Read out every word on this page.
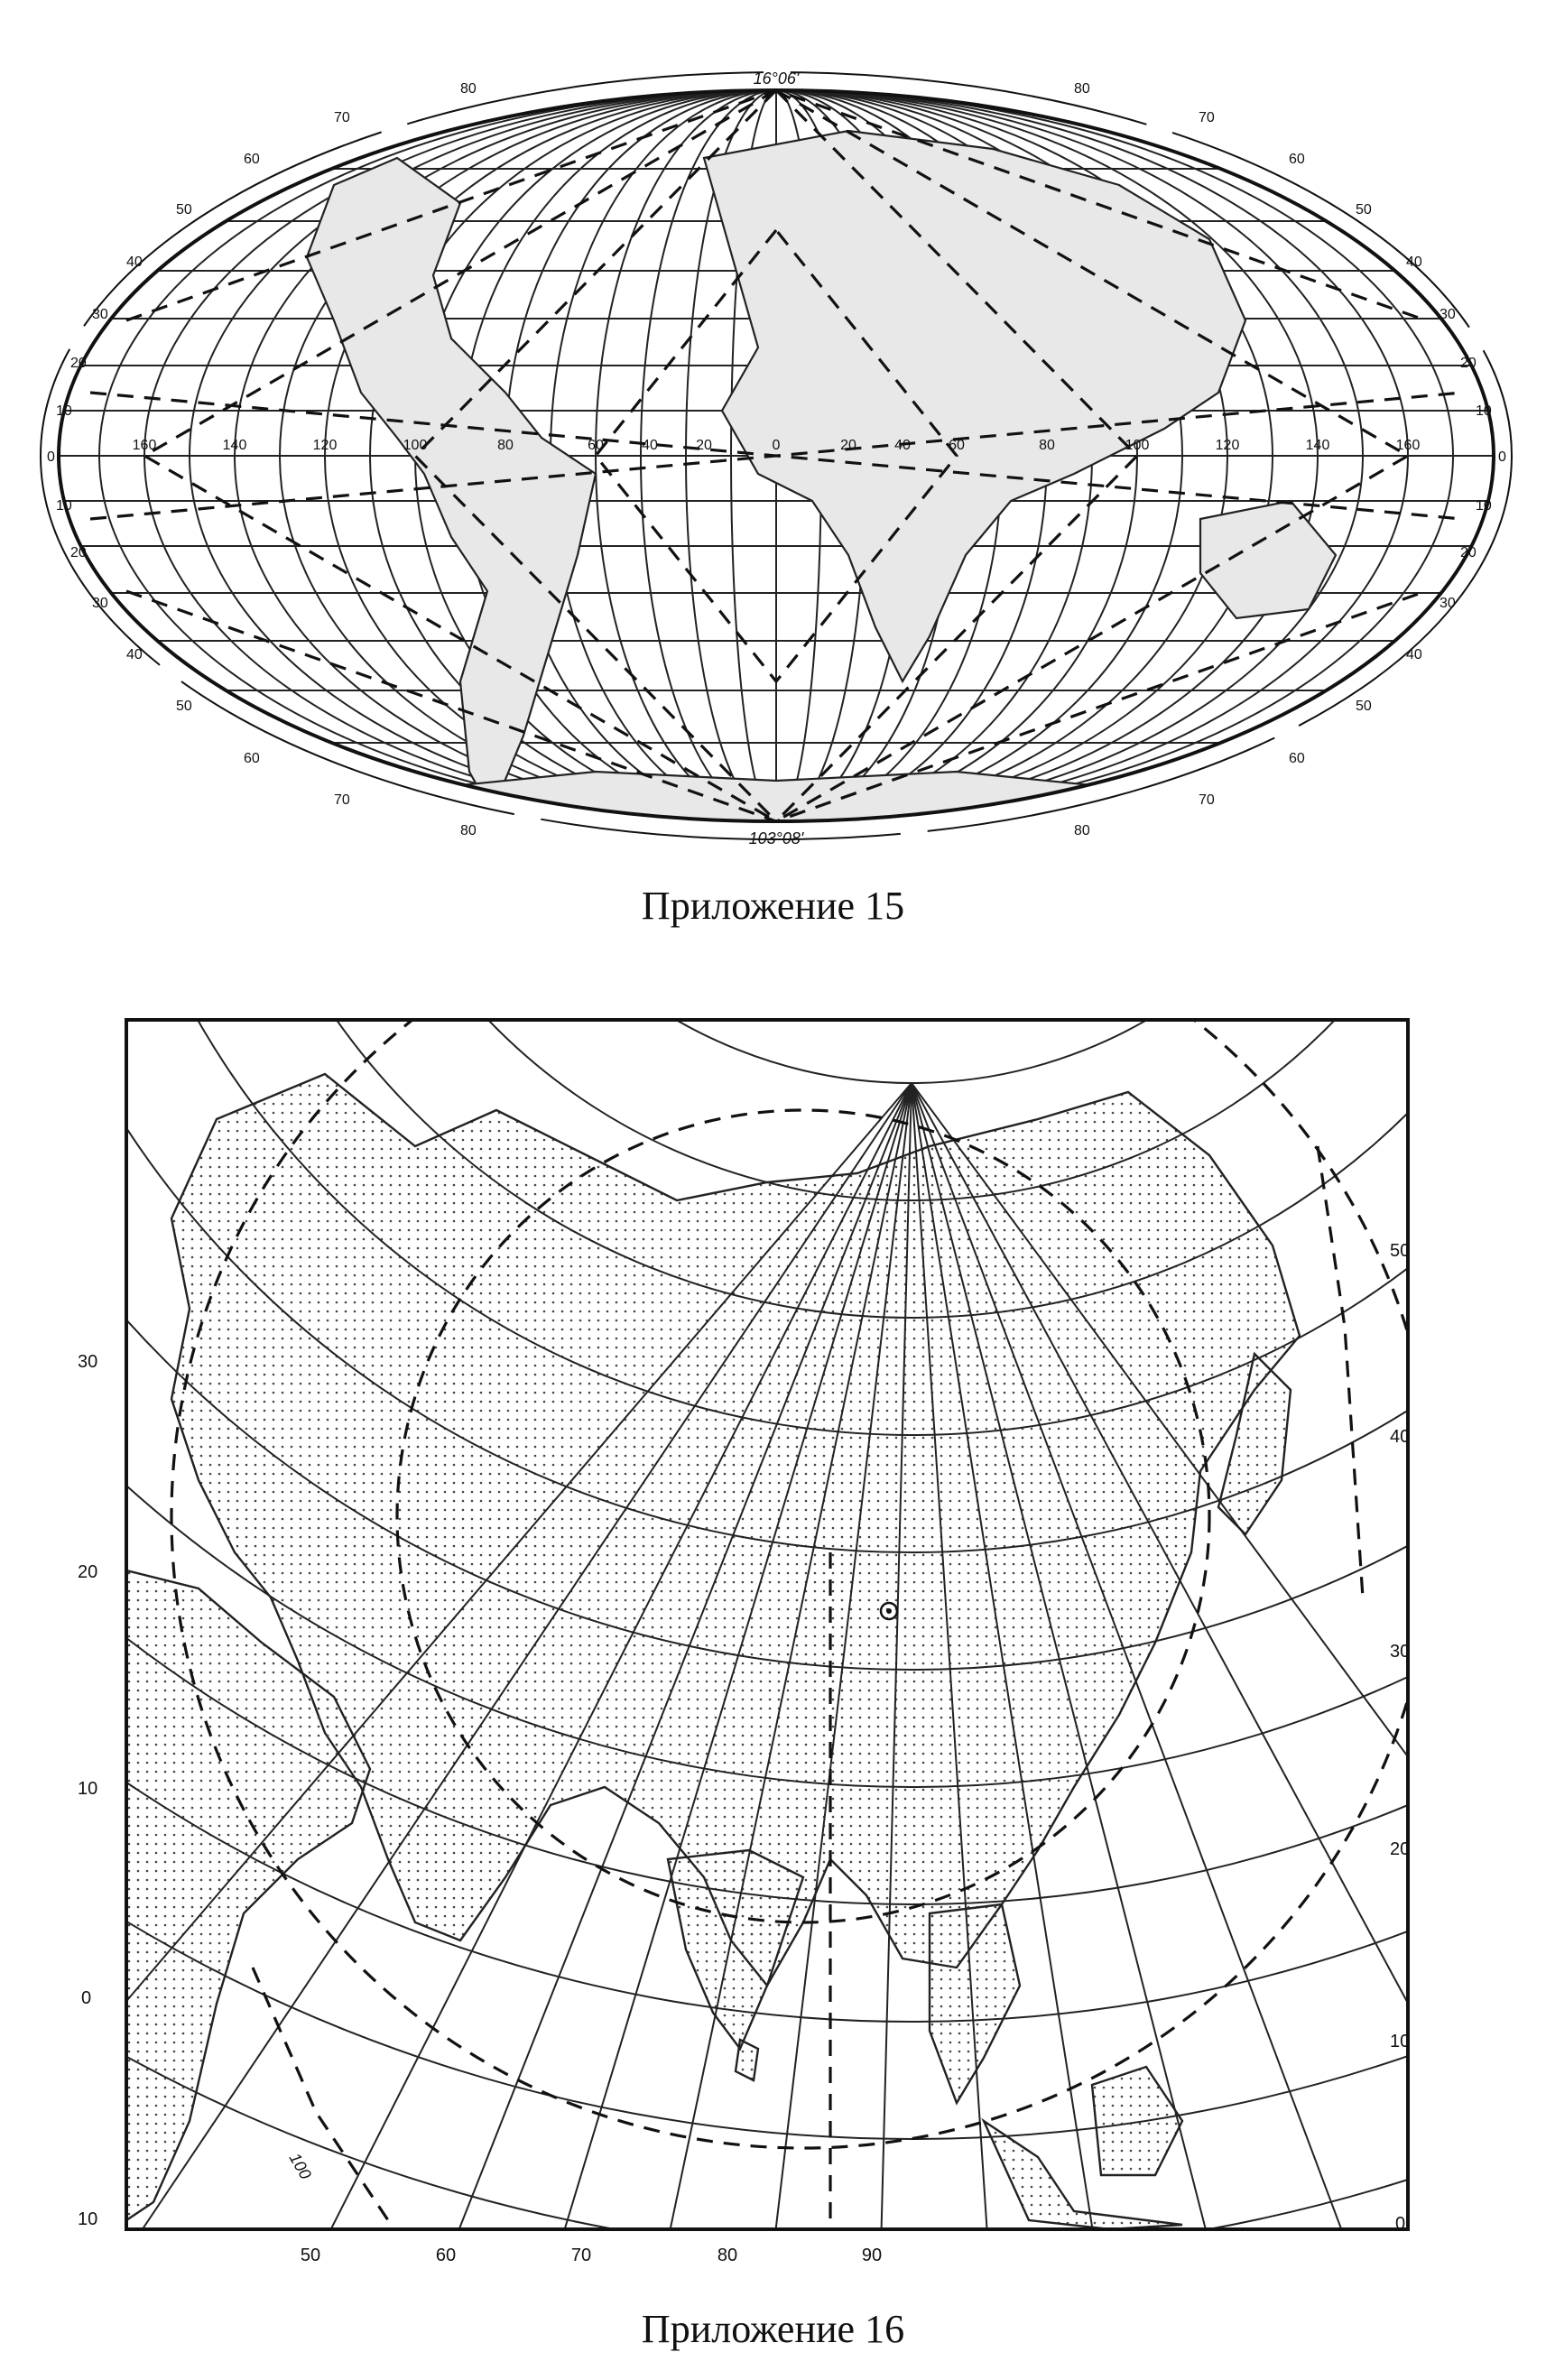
16°06'
103°08'
160	140	120	100	80	60	40	20	0	20	40	60	80	100	120	140	160
0	0
10
20
30
40
50
60
70
80
10
20
30
40
50
60
70
80
10
20
30
40
50
60
70
80
10
20
30
40
50
60
70
80
Приложение 15
30
20
10
0
10
50
40
30
20
10
0
50	60	70	80	90
100
Приложение 16
